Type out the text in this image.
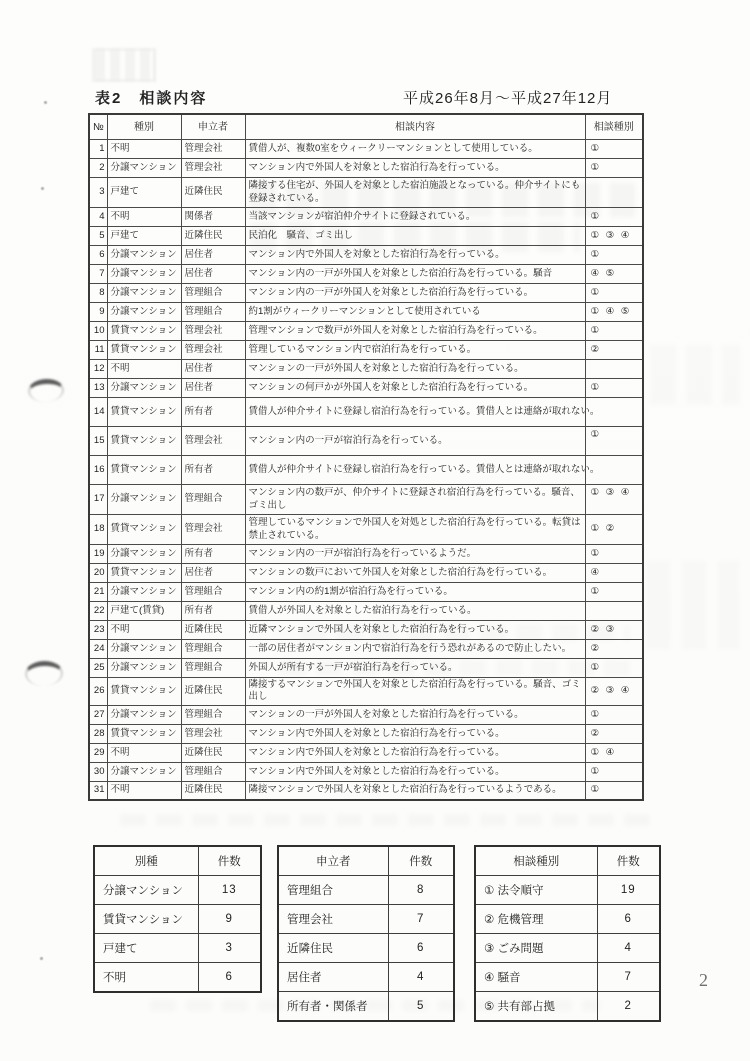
表2　相談内容	平成26年8月～平成27年12月
№	種別	申立者	相談内容	相談種別
1	不明	管理会社	賃借人が、複数0室をウィークリーマンションとして使用している。	①
2	分譲マンション	管理会社	マンション内で外国人を対象とした宿泊行為を行っている。	①
3	戸建て	近隣住民	隣接する住宅が、外国人を対象とした宿泊施設となっている。仲介サイトにも登録されている。	
4	不明	関係者	当該マンションが宿泊仲介サイトに登録されている。	①
5	戸建て	近隣住民	民泊化　騒音、ゴミ出し	① ③ ④
6	分譲マンション	居住者	マンション内で外国人を対象とした宿泊行為を行っている。	①
7	分譲マンション	居住者	マンション内の一戸が外国人を対象とした宿泊行為を行っている。騒音	④ ⑤
8	分譲マンション	管理組合	マンション内の一戸が外国人を対象とした宿泊行為を行っている。	①
9	分譲マンション	管理組合	約1割がウィークリーマンションとして使用されている	① ④ ⑤
10	賃貸マンション	管理会社	管理マンションで数戸が外国人を対象とした宿泊行為を行っている。	①
11	賃貸マンション	管理会社	管理しているマンション内で宿泊行為を行っている。	②
12	不明	居住者	マンションの一戸が外国人を対象とした宿泊行為を行っている。	
13	分譲マンション	居住者	マンションの何戸かが外国人を対象とした宿泊行為を行っている。	①
14	賃貸マンション	所有者	賃借人が仲介サイトに登録し宿泊行為を行っている。賃借人とは連絡が取れない。	
15	賃貸マンション	管理会社	マンション内の一戸が宿泊行為を行っている。	①
16	賃貸マンション	所有者	賃借人が仲介サイトに登録し宿泊行為を行っている。賃借人とは連絡が取れない。	
17	分譲マンション	管理組合	マンション内の数戸が、仲介サイトに登録され宿泊行為を行っている。騒音、ゴミ出し	① ③ ④
18	賃貸マンション	管理会社	管理しているマンションで外国人を対処とした宿泊行為を行っている。転貸は禁止されている。	① ②
19	分譲マンション	所有者	マンション内の一戸が宿泊行為を行っているようだ。	①
20	賃貸マンション	居住者	マンションの数戸において外国人を対象とした宿泊行為を行っている。	④
21	分譲マンション	管理組合	マンション内の約1割が宿泊行為を行っている。	①
22	戸建て(賃貸)	所有者	賃借人が外国人を対象とした宿泊行為を行っている。	
23	不明	近隣住民	近隣マンションで外国人を対象とした宿泊行為を行っている。	② ③
24	分譲マンション	管理組合	一部の居住者がマンション内で宿泊行為を行う恐れがあるので防止したい。	②
25	分譲マンション	管理組合	外国人が所有する一戸が宿泊行為を行っている。	①
26	賃貸マンション	近隣住民	隣接するマンションで外国人を対象とした宿泊行為を行っている。騒音、ゴミ出し	② ③ ④
27	分譲マンション	管理組合	マンションの一戸が外国人を対象とした宿泊行為を行っている。	①
28	賃貸マンション	管理会社	マンション内で外国人を対象とした宿泊行為を行っている。	②
29	不明	近隣住民	マンション内で外国人を対象とした宿泊行為を行っている。	① ④
30	分譲マンション	管理組合	マンション内で外国人を対象とした宿泊行為を行っている。	①
31	不明	近隣住民	隣接マンションで外国人を対象とした宿泊行為を行っているようである。	①
別種	件数
分譲マンション	13
賃貸マンション	9
戸建て	3
不明	6
申立者	件数
管理組合	8
管理会社	7
近隣住民	6
居住者	4
所有者・関係者	5
相談種別	件数
① 法令順守	19
② 危機管理	6
③ ごみ問題	4
④ 騒音	7
⑤ 共有部占拠	2
2
